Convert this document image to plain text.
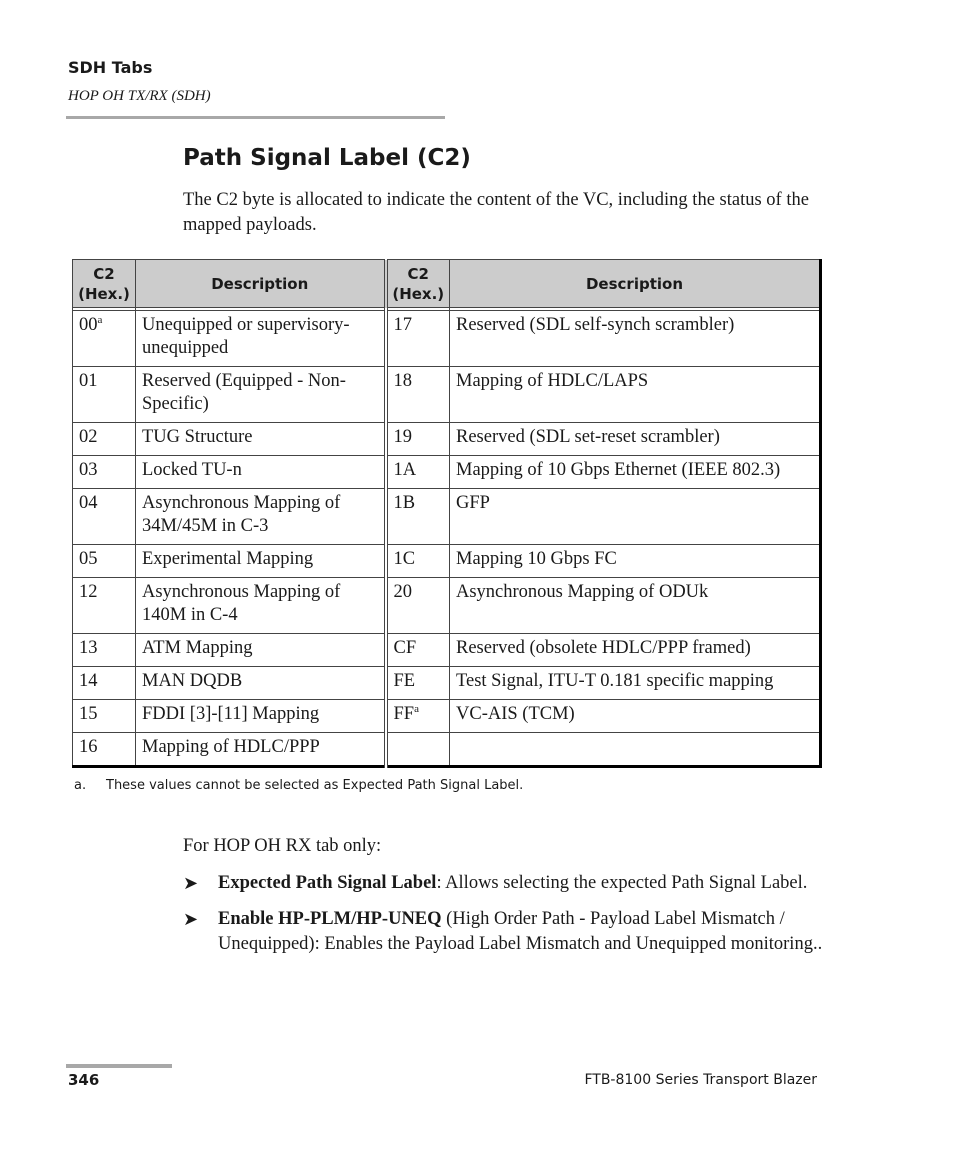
SDH Tabs
HOP OH TX/RX (SDH)
Path Signal Label (C2)

The C2 byte is allocated to indicate the content of the VC, including the status of the mapped payloads.

C2 (Hex.)	Description	C2 (Hex.)	Description

00$^a$	Unequipped or supervisory-unequipped	17	Reserved (SDL self-synch scrambler)
01	Reserved (Equipped - Non-Specific)	18	Mapping of HDLC/LAPS
02	TUG Structure	19	Reserved (SDL set-reset scrambler)
03	Locked TU-n	1A	Mapping of 10 Gbps Ethernet (IEEE 802.3)
04	Asynchronous Mapping of 34M/45M in C-3	1B	GFP
05	Experimental Mapping	1C	Mapping 10 Gbps FC
12	Asynchronous Mapping of 140M in C-4	20	Asynchronous Mapping of ODUk
13	ATM Mapping	CF	Reserved (obsolete HDLC/PPP framed)
14	MAN DQDB	FE	Test Signal, ITU-T 0.181 specific mapping
15	FDDI [3]-[11] Mapping	$FF^a$	VC-AIS (TCM)
16	Mapping of HDLC/PPP		
a. These values cannot be selected as Expected Path Signal Label.
For HOP OH RX tab only:
➤ Expected Path Signal Label: Allows selecting the expected Path Signal Label.
➤ Enable HP-PLM/HP-UNEQ (High Order Path - Payload Label Mismatch / Unequipped): Enables the Payload Label Mismatch and Unequipped monitoring..
346	FTB-8100 Series Transport Blazer
